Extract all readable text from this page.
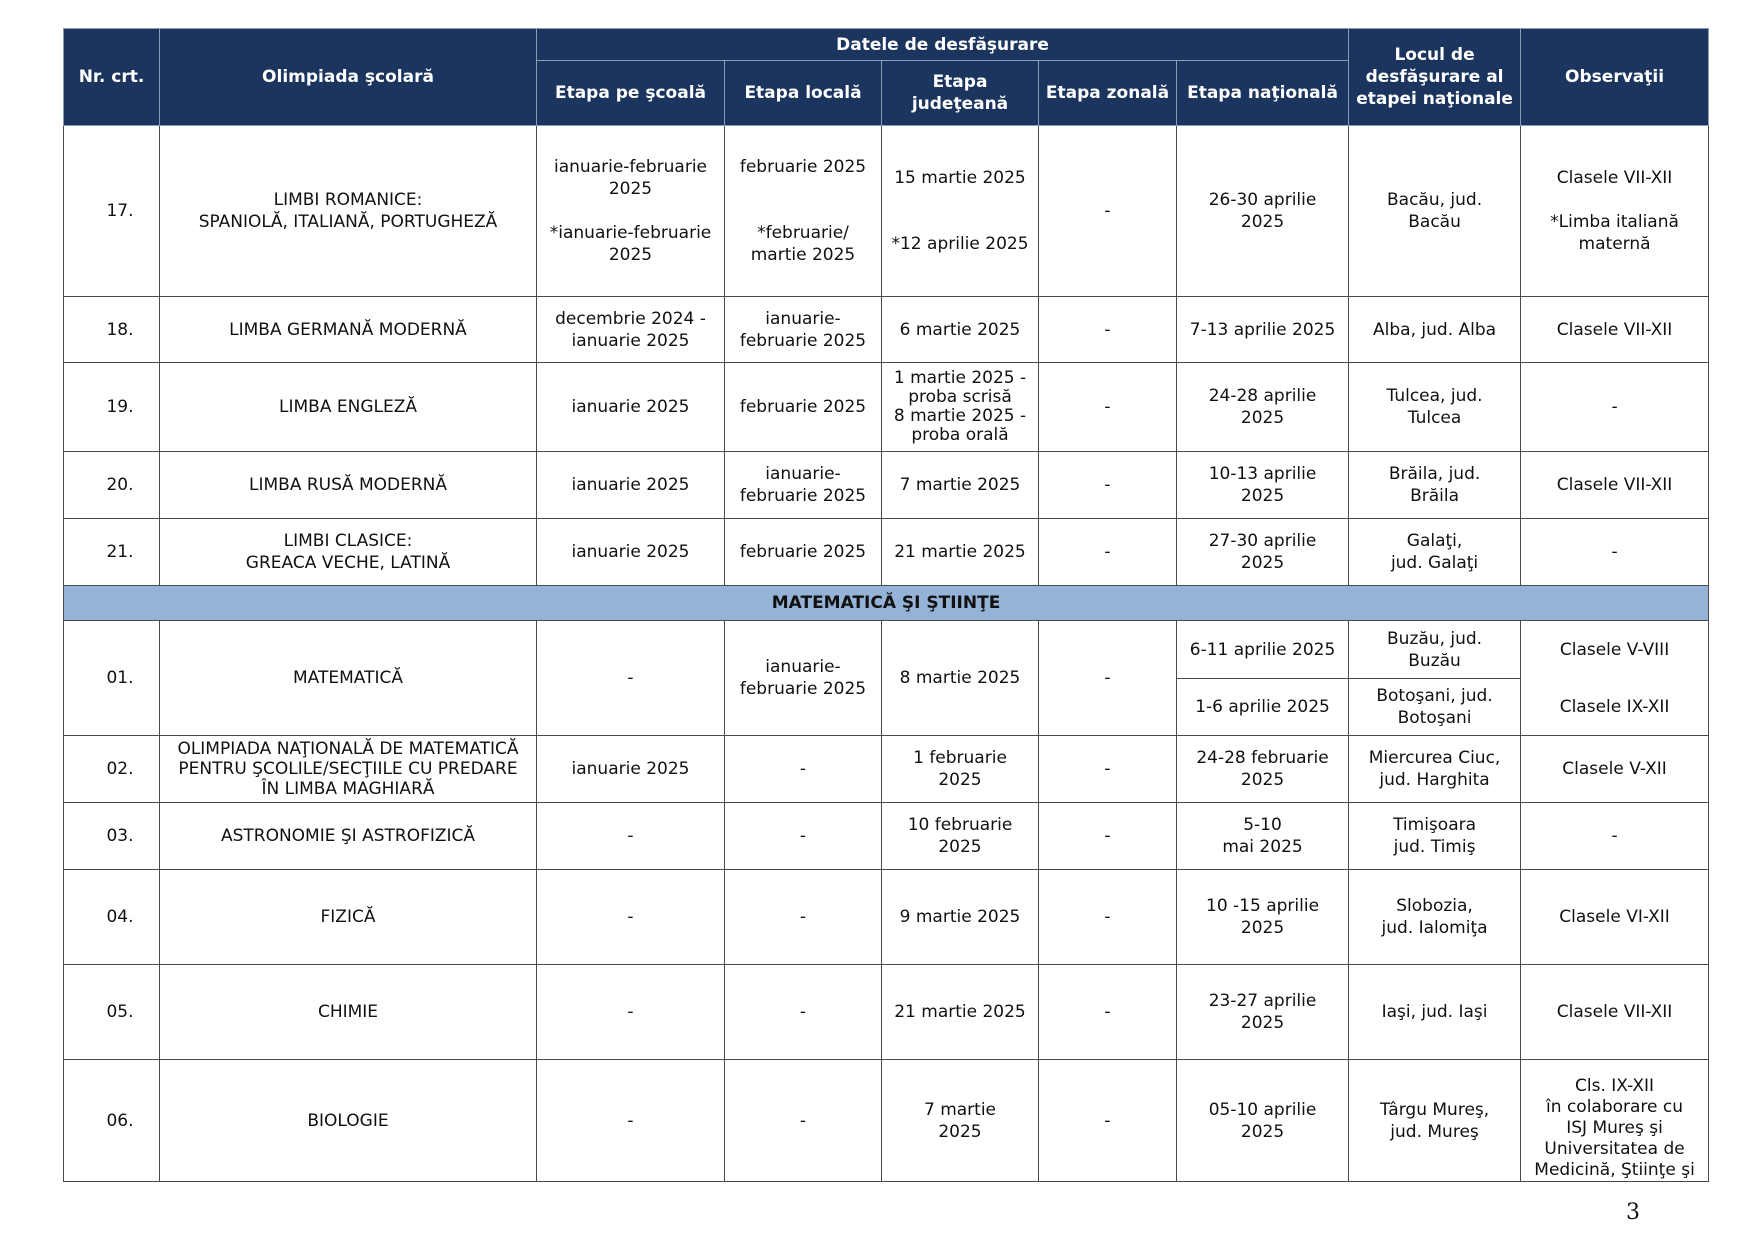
Nr. crt.	Olimpiada şcolară	Datele de desfăşurare					Locul de
desfăşurare al
etapei naţionale	Observaţii
		Etapa pe şcoală	Etapa locală	Etapa
judeţeană	Etapa zonală	Etapa naţională		
17.	LIMBI ROMANICE:
SPANIOLĂ, ITALIANĂ, PORTUGHEZĂ	ianuarie-februarie
2025

*ianuarie-februarie
2025	februarie 2025

*februarie/
martie 2025	15 martie 2025

*12 aprilie 2025	-	26-30 aprilie
2025	Bacău, jud.
Bacău	Clasele VII-XII

*Limba italiană
maternă
18.	LIMBA GERMANĂ MODERNĂ	decembrie 2024 -
ianuarie 2025	ianuarie-
februarie 2025	6 martie 2025	-	7-13 aprilie 2025	Alba, jud. Alba	Clasele VII-XII
19.	LIMBA ENGLEZĂ	ianuarie 2025	februarie 2025	1 martie 2025 -
proba scrisă
8 martie 2025 -
proba orală	-	24-28 aprilie
2025	Tulcea, jud.
Tulcea	-
20.	LIMBA RUSĂ MODERNĂ	ianuarie 2025	ianuarie-
februarie 2025	7 martie 2025	-	10-13 aprilie
2025	Brăila, jud.
Brăila	Clasele VII-XII
21.	LIMBI CLASICE:
GREACA VECHE, LATINĂ	ianuarie 2025	februarie 2025	21 martie 2025	-	27-30 aprilie
2025	Galaţi,
jud. Galaţi	-
MATEMATICĂ ŞI ŞTIINŢE								
01.	MATEMATICĂ	-	ianuarie-
februarie 2025	8 martie 2025	-	6-11 aprilie 2025	Buzău, jud.
Buzău	Clasele V-VIII
						1-6 aprilie 2025	Botoşani, jud.
Botoşani	Clasele IX-XII
02.	OLIMPIADA NAŢIONALĂ DE MATEMATICĂ
PENTRU ŞCOLILE/SECŢIILE CU PREDARE
ÎN LIMBA MAGHIARĂ	ianuarie 2025	-	1 februarie
2025	-	24-28 februarie
2025	Miercurea Ciuc,
jud. Harghita	Clasele V-XII
03.	ASTRONOMIE ŞI ASTROFIZICĂ	-	-	10 februarie
2025	-	5-10
mai 2025	Timişoara
jud. Timiş	-
04.	FIZICĂ	-	-	9 martie 2025	-	10 -15 aprilie
2025	Slobozia,
jud. Ialomiţa	Clasele VI-XII
05.	CHIMIE	-	-	21 martie 2025	-	23-27 aprilie
2025	Iaşi, jud. Iaşi	Clasele VII-XII
06.	BIOLOGIE	-	-	7 martie
2025	-	05-10 aprilie
2025	Târgu Mureş,
jud. Mureş	Cls. IX-XII
în colaborare cu
ISJ Mureş şi
Universitatea de
Medicină, Ştiinţe şi
3
